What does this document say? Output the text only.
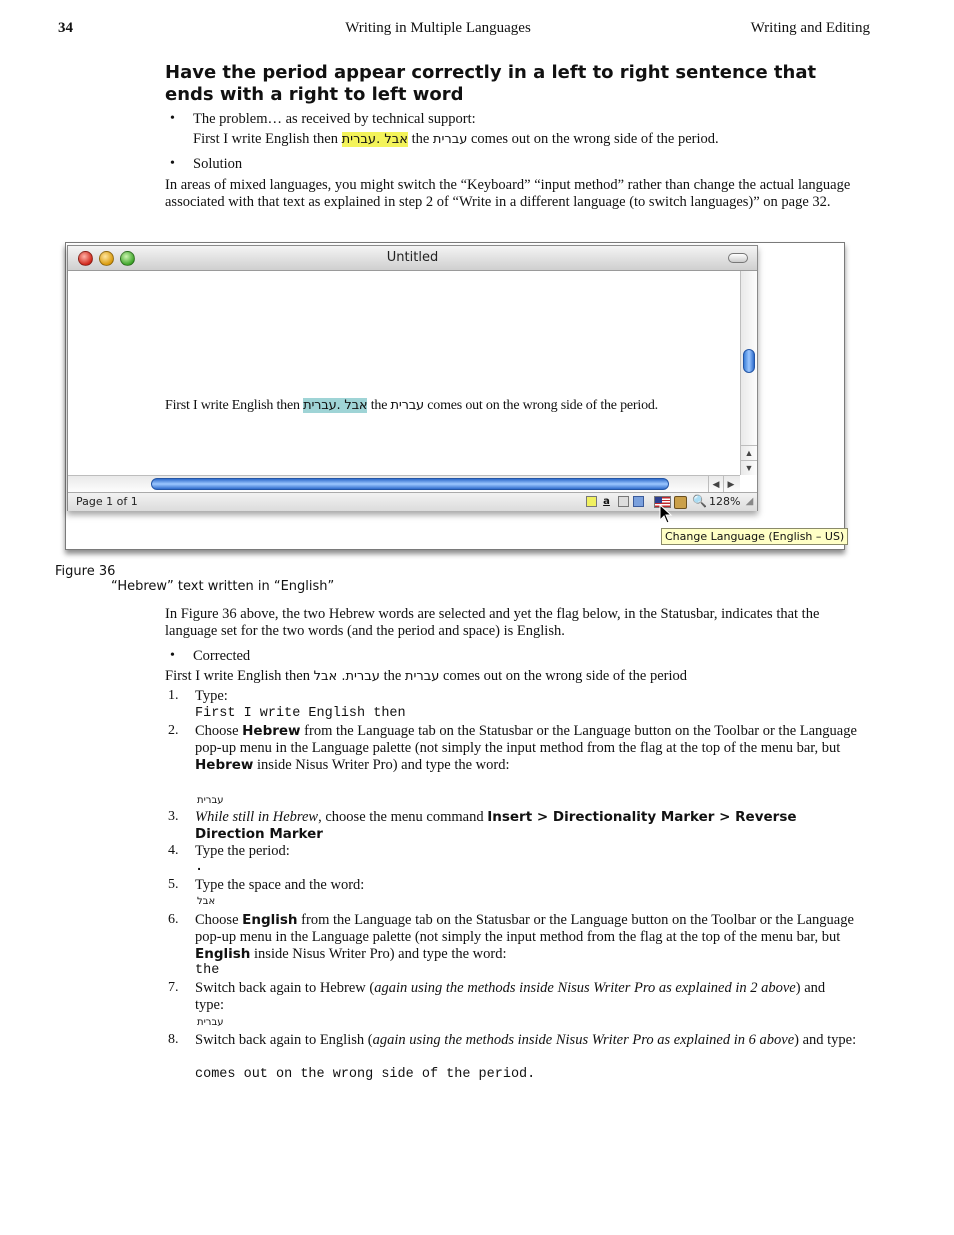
34	Writing in Multiple Languages	Writing and Editing
Have the period appear correctly in a left to right sentence that ends with a right to left word
• The problem… as received by technical support:
First I write English then אבל .עברית the עברית comes out on the wrong side of the period.
• Solution
In areas of mixed languages, you might switch the “Keyboard” “input method” rather than change the actual language associated with that text as explained in step 2 of “Write in a different language (to switch languages)” on page 32.
Untitled
First I write English then אבל .עברית the עברית comes out on the wrong side of the period.
▲
▼
◀ ▶
Page 1 of 1	a	🔍 128% ◢
Change Language (English – US)
Figure 36
“Hebrew” text written in “English”
In Figure 36 above, the two Hebrew words are selected and yet the flag below, in the Statusbar, indicates that the language set for the two words (and the period and space) is English.
• Corrected
First I write English then עברית. אבל the עברית comes out on the wrong side of the period
1. Type:
First I write English then
2. Choose Hebrew from the Language tab on the Statusbar or the Language button on the Toolbar or the Language pop-up menu in the Language palette (not simply the input method from the flag at the top of the menu bar, but Hebrew inside Nisus Writer Pro) and type the word:
עברית
3. While still in Hebrew, choose the menu command Insert > Directionality Marker > Reverse Direction Marker
4. Type the period:
.
5. Type the space and the word:
אבל
6. Choose English from the Language tab on the Statusbar or the Language button on the Toolbar or the Language pop-up menu in the Language palette (not simply the input method from the flag at the top of the menu bar, but English inside Nisus Writer Pro) and type the word:
the
7. Switch back again to Hebrew (again using the methods inside Nisus Writer Pro as explained in 2 above) and type:
עברית
8. Switch back again to English (again using the methods inside Nisus Writer Pro as explained in 6 above) and type:
comes out on the wrong side of the period.
